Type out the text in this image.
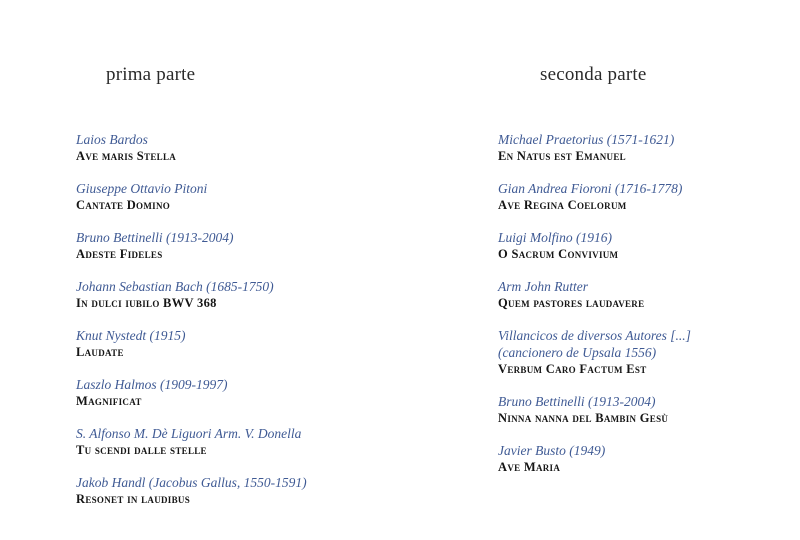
prima parte
Laios Bardos
Ave maris Stella
Giuseppe Ottavio Pitoni
Cantate Domino
Bruno Bettinelli (1913-2004)
Adeste Fideles
Johann Sebastian Bach (1685-1750)
In dulci iubilo BWV 368
Knut Nystedt (1915)
Laudate
Laszlo Halmos (1909-1997)
Magnificat
S. Alfonso M. Dè Liguori Arm. V. Donella
Tu scendi dalle stelle
Jakob Handl (Jacobus Gallus, 1550-1591)
Resonet in laudibus
seconda parte
Michael Praetorius (1571-1621)
En Natus est Emanuel
Gian Andrea Fioroni (1716-1778)
Ave Regina Coelorum
Luigi Molfino (1916)
O Sacrum Convivium
Arm John Rutter
Quem pastores laudavere
Villancicos de diversos Autores [...]
(cancionero de Upsala 1556)
Verbum Caro Factum Est
Bruno Bettinelli (1913-2004)
Ninna nanna del Bambin Gesù
Javier Busto (1949)
Ave Maria
